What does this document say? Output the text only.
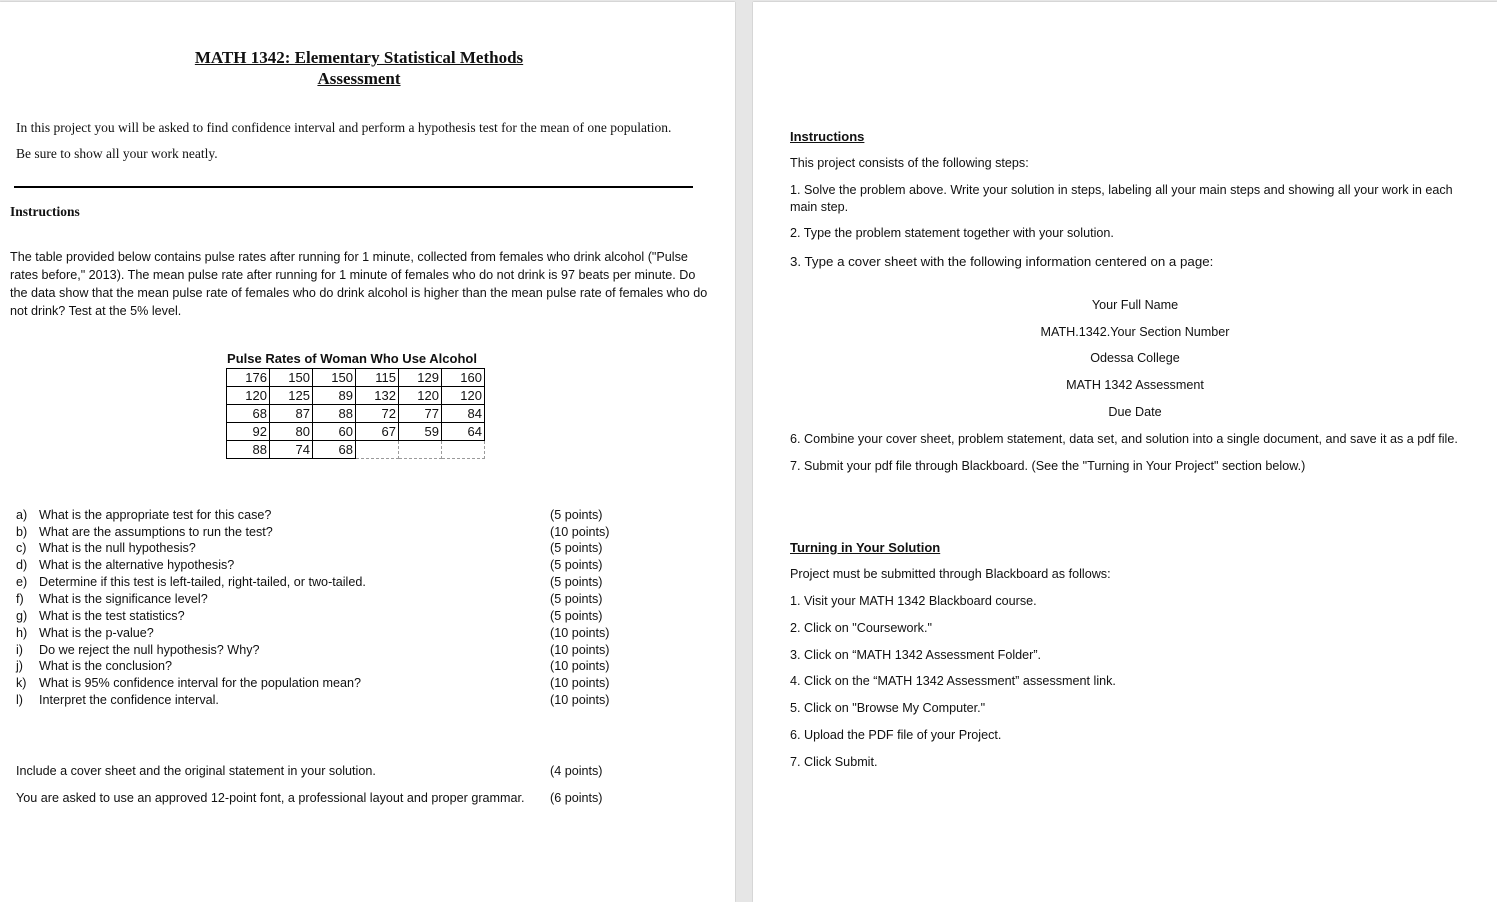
MATH 1342: Elementary Statistical Methods
Assessment
In this project you will be asked to find confidence interval and perform a hypothesis test for the mean of one population.
Be sure to show all your work neatly.
Instructions
The table provided below contains pulse rates after running for 1 minute, collected from females who drink alcohol ("Pulse rates before," 2013). The mean pulse rate after running for 1 minute of females who do not drink is 97 beats per minute. Do the data show that the mean pulse rate of females who do drink alcohol is higher than the mean pulse rate of females who do not drink? Test at the 5% level.
Pulse Rates of Woman Who Use Alcohol
176	150	150	115	129	160
120	125	89	132	120	120
68	87	88	72	77	84
92	80	60	67	59	64
88	74	68			
a) What is the appropriate test for this case?	(5 points)
b) What are the assumptions to run the test?	(10 points)
c) What is the null hypothesis?	(5 points)
d) What is the alternative hypothesis?	(5 points)
e) Determine if this test is left-tailed, right-tailed, or two-tailed.	(5 points)
f) What is the significance level?	(5 points)
g) What is the test statistics?	(5 points)
h) What is the p-value?	(10 points)
i) Do we reject the null hypothesis? Why?	(10 points)
j) What is the conclusion?	(10 points)
k) What is 95% confidence interval for the population mean?	(10 points)
l) Interpret the confidence interval.	(10 points)
Include a cover sheet and the original statement in your solution.	(4 points)
You are asked to use an approved 12-point font, a professional layout and proper grammar. (6 points)
Instructions
This project consists of the following steps:
1. Solve the problem above. Write your solution in steps, labeling all your main steps and showing all your work in each main step.
2. Type the problem statement together with your solution.
3. Type a cover sheet with the following information centered on a page:
Your Full Name
MATH.1342.Your Section Number
Odessa College
MATH 1342 Assessment
Due Date
6. Combine your cover sheet, problem statement, data set, and solution into a single document, and save it as a pdf file.
7. Submit your pdf file through Blackboard. (See the "Turning in Your Project" section below.)
Turning in Your Solution
Project must be submitted through Blackboard as follows:
1. Visit your MATH 1342 Blackboard course.
2. Click on "Coursework."
3. Click on “MATH 1342 Assessment Folder”.
4. Click on the “MATH 1342 Assessment” assessment link.
5. Click on "Browse My Computer."
6. Upload the PDF file of your Project.
7. Click Submit.
